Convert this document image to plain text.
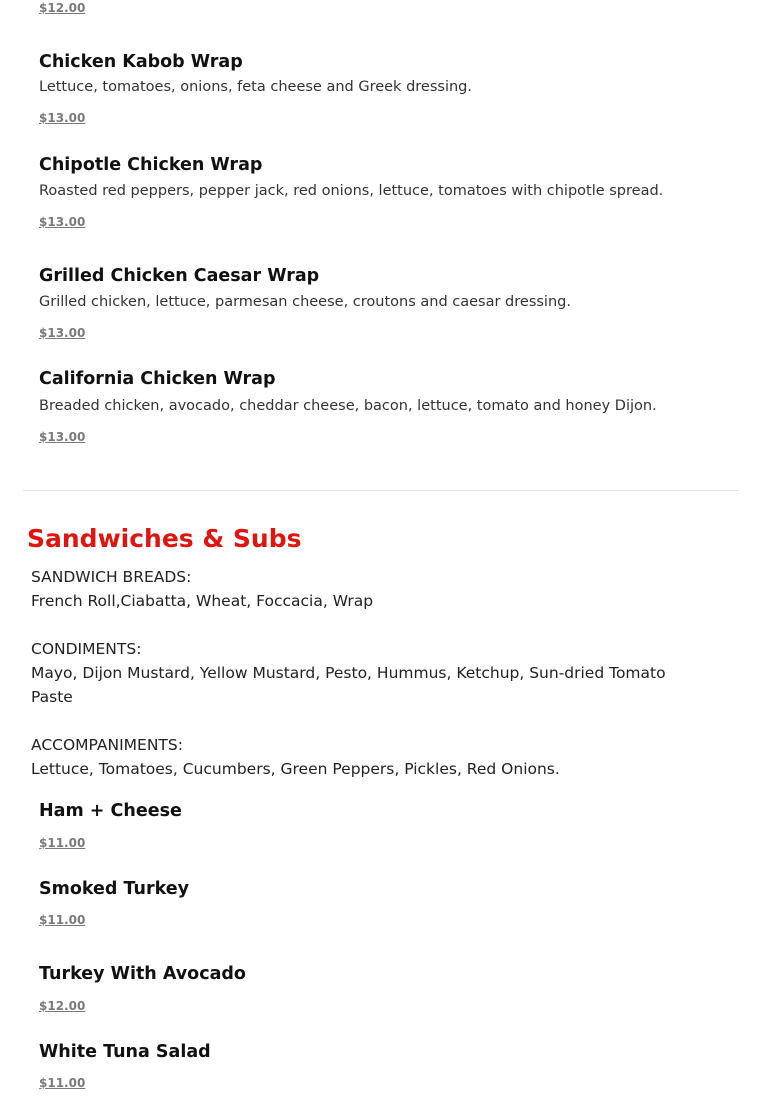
$12.00
Chicken Kabob Wrap

Lettuce, tomatoes, onions, feta cheese and Greek dressing.

$13.00
Chipotle Chicken Wrap

Roasted red peppers, pepper jack, red onions, lettuce, tomatoes with chipotle spread.

$13.00
Grilled Chicken Caesar Wrap

Grilled chicken, lettuce, parmesan cheese, croutons and caesar dressing.

$13.00
California Chicken Wrap

Breaded chicken, avocado, cheddar cheese, bacon, lettuce, tomato and honey Dijon.

$13.00
Sandwiches & Subs

SANDWICH BREADS:

French Roll,Ciabatta, Wheat, Foccacia, Wrap

CONDIMENTS:

Mayo, Dijon Mustard, Yellow Mustard, Pesto, Hummus, Ketchup, Sun-dried Tomato

Paste

ACCOMPANIMENTS:

Lettuce, Tomatoes, Cucumbers, Green Peppers, Pickles, Red Onions.

Ham + Cheese
$11.00
Smoked Turkey
$11.00
Turkey With Avocado
$12.00
White Tuna Salad
$11.00
